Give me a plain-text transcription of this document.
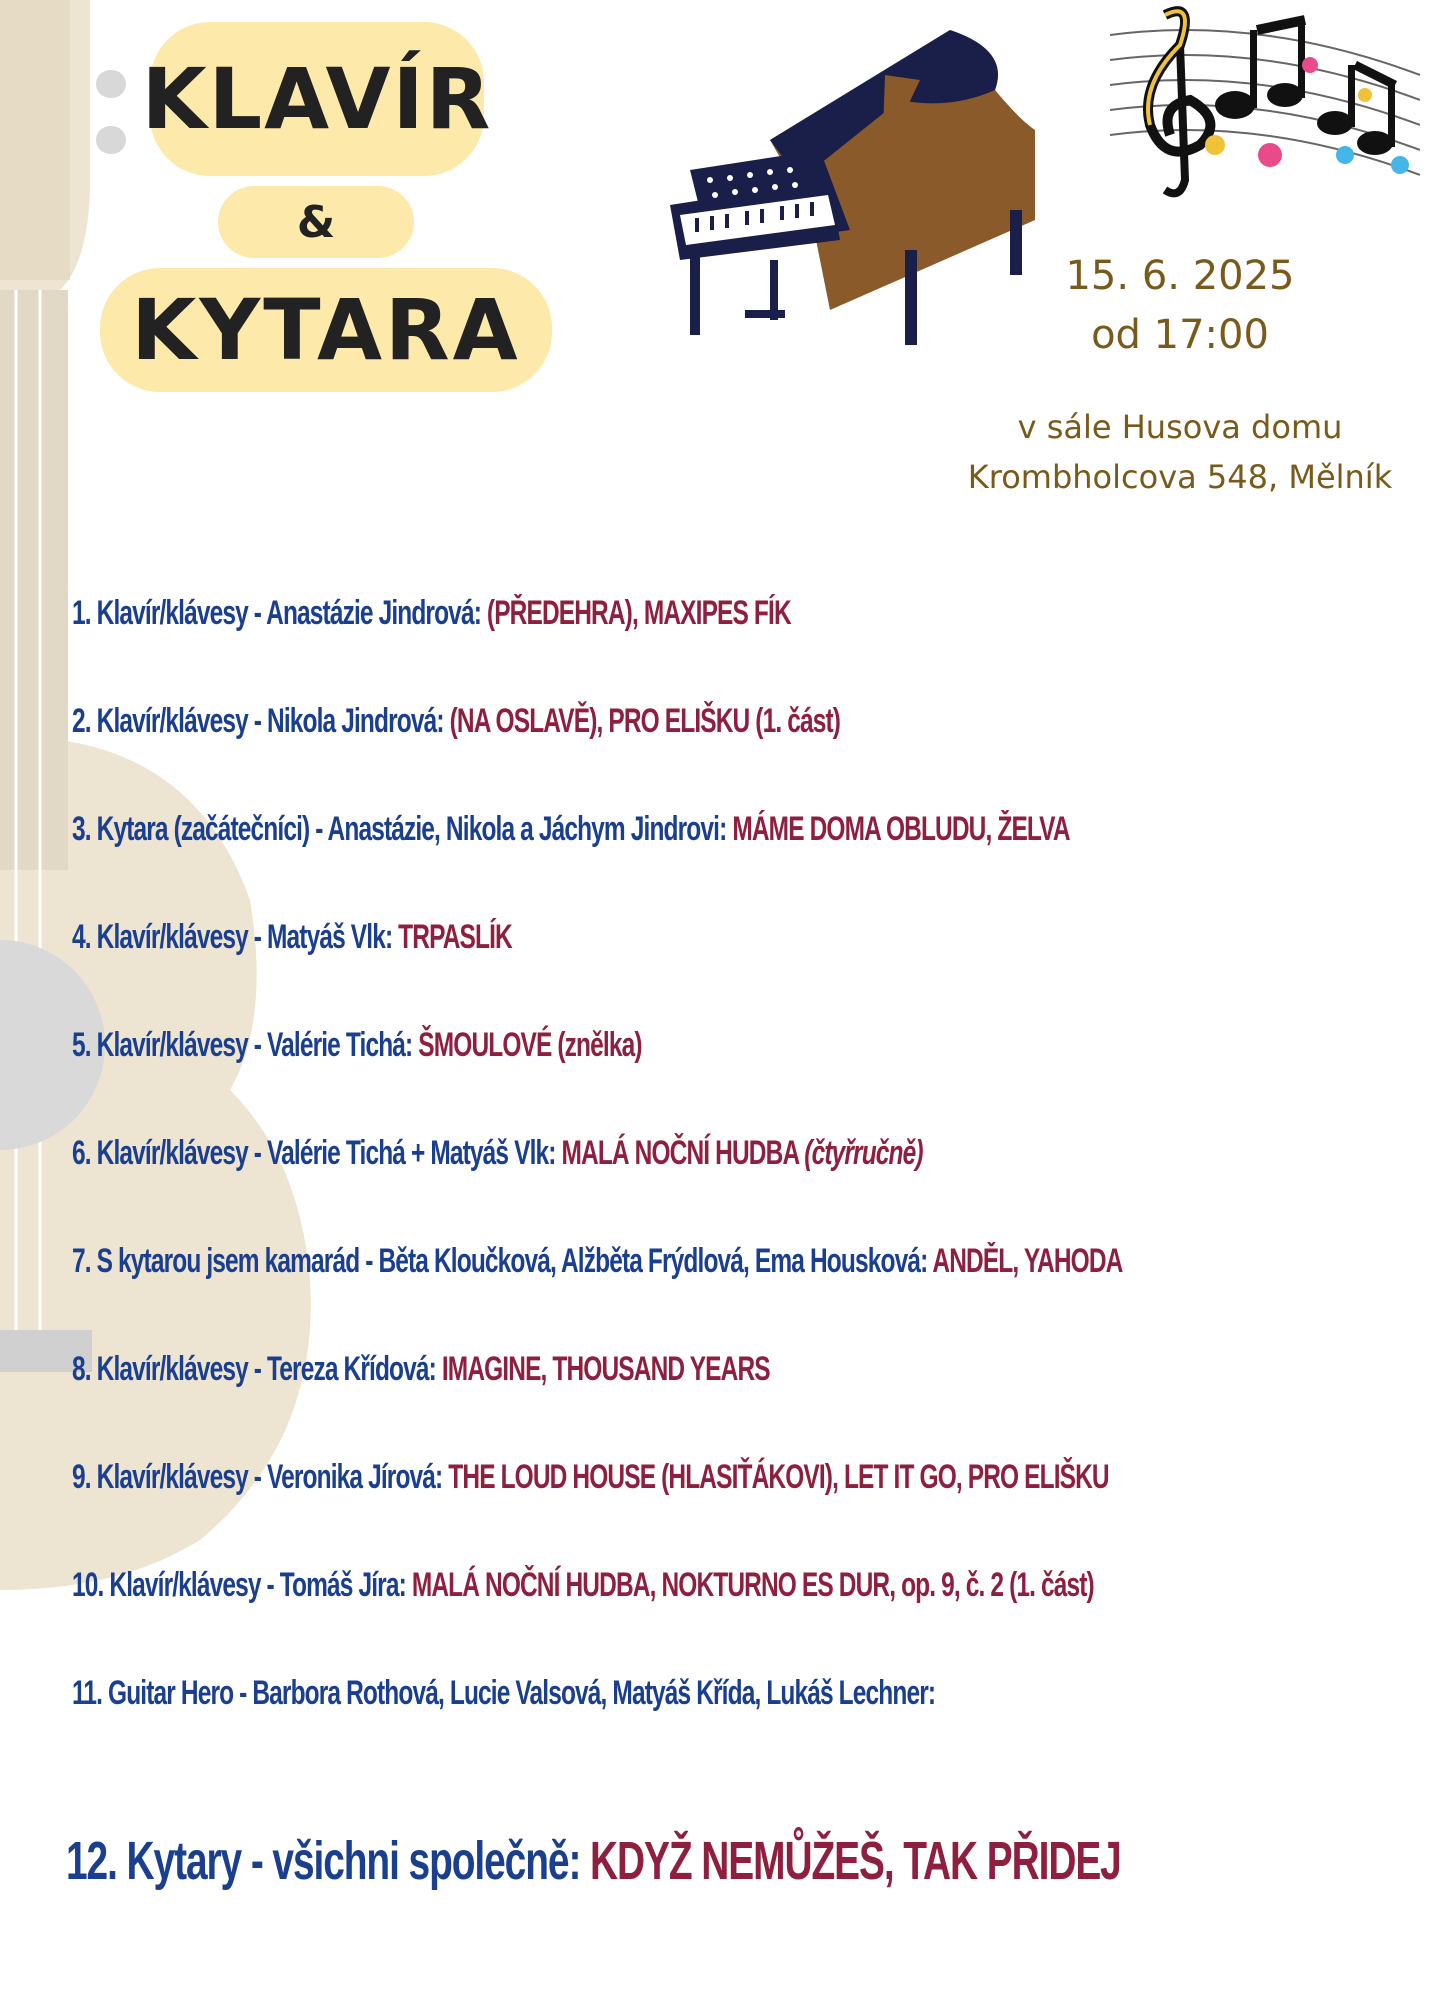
KLAVÍR
&
KYTARA
15. 6. 2025
od 17:00
v sále Husova domu
Krombholcova 548, Mělník
1. Klavír/klávesy - Anastázie Jindrová: (PŘEDEHRA), MAXIPES FÍK
2. Klavír/klávesy - Nikola Jindrová: (NA OSLAVĚ), PRO ELIŠKU (1. část)
3. Kytara (začátečníci) - Anastázie, Nikola a Jáchym Jindrovi: MÁME DOMA OBLUDU, ŽELVA
4. Klavír/klávesy - Matyáš Vlk: TRPASLÍK
5. Klavír/klávesy - Valérie Tichá: ŠMOULOVÉ (znělka)
6. Klavír/klávesy - Valérie Tichá + Matyáš Vlk: MALÁ NOČNÍ HUDBA (čtyřručně)
7. S kytarou jsem kamarád - Běta Kloučková, Alžběta Frýdlová, Ema Housková: ANDĚL, YAHODA
8. Klavír/klávesy - Tereza Křídová: IMAGINE, THOUSAND YEARS
9. Klavír/klávesy - Veronika Jírová: THE LOUD HOUSE (HLASIŤÁKOVI), LET IT GO, PRO ELIŠKU
10. Klavír/klávesy - Tomáš Jíra: MALÁ NOČNÍ HUDBA, NOKTURNO ES DUR, op. 9, č. 2 (1. část)
11. Guitar Hero - Barbora Rothová, Lucie Valsová, Matyáš Křída, Lukáš Lechner:
12. Kytary - všichni společně: KDYŽ NEMŮŽEŠ, TAK PŘIDEJ
